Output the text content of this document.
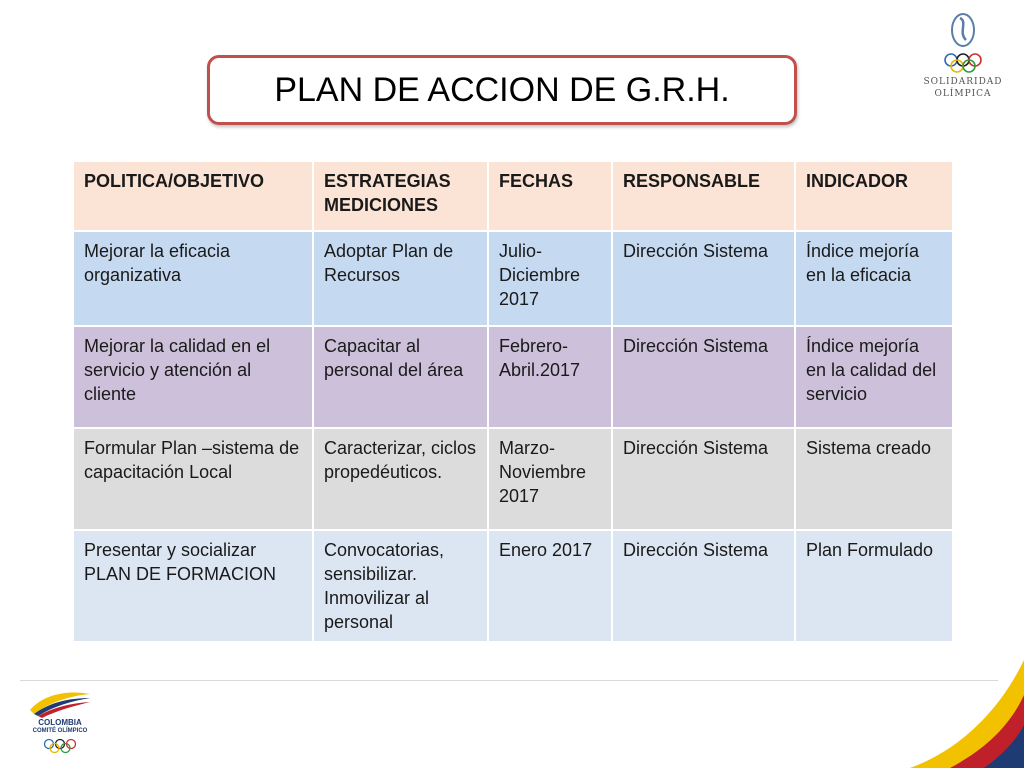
PLAN DE ACCION DE G.R.H.	SOLIDARIDAD
OLÍMPICA
POLITICA/OBJETIVO	ESTRATEGIAS MEDICIONES	FECHAS	RESPONSABLE	INDICADOR
Mejorar la eficacia organizativa	Adoptar Plan de Recursos	Julio-Diciembre 2017	Dirección Sistema	Índice mejoría en la eficacia
Mejorar la calidad en el servicio y atención al cliente	Capacitar al personal del área	Febrero-Abril.2017	Dirección Sistema	Índice mejoría en la calidad del servicio
Formular Plan –sistema de capacitación Local	Caracterizar, ciclos propedéuticos.	Marzo-Noviembre 2017	Dirección Sistema	Sistema creado
Presentar y socializar PLAN DE FORMACION	Convocatorias, sensibilizar. Inmovilizar al personal	Enero 2017	Dirección Sistema	Plan Formulado
COLOMBIA
COMITÉ OLÍMPICO
